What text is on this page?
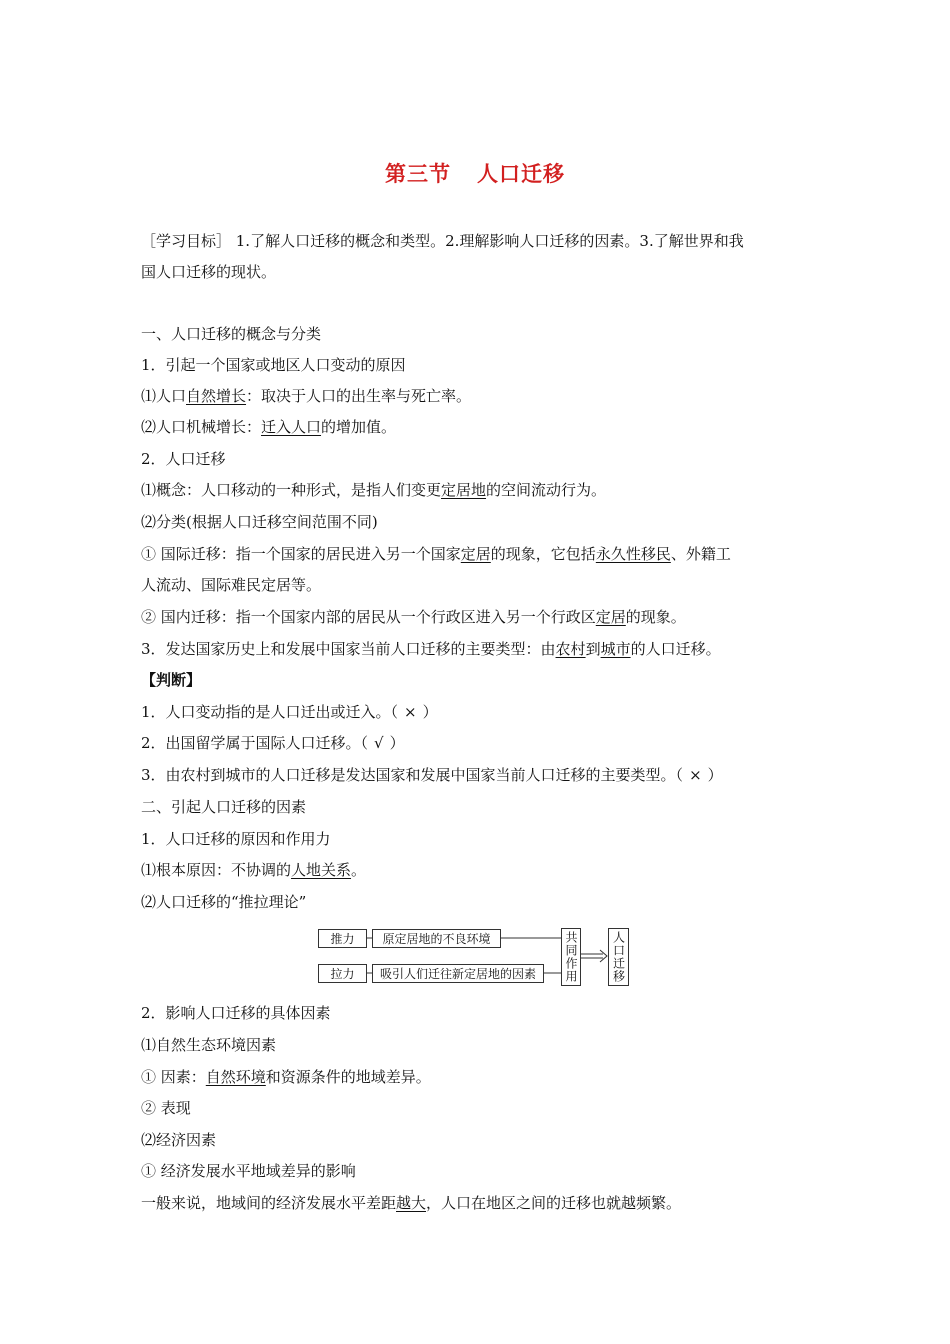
第三节 人口迁移
［学习目标］ 1.了解人口迁移的概念和类型。2.理解影响人口迁移的因素。3.了解世界和我
国人口迁移的现状。
一、人口迁移的概念与分类
1．引起一个国家或地区人口变动的原因
⑴人口自然增长：取决于人口的出生率与死亡率。
⑵人口机械增长：迁入人口的增加值。
2．人口迁移
⑴概念：人口移动的一种形式，是指人们变更定居地的空间流动行为。
⑵分类(根据人口迁移空间范围不同)
① 国际迁移：指一个国家的居民进入另一个国家定居的现象，它包括永久性移民、外籍工
人流动、国际难民定居等。
② 国内迁移：指一个国家内部的居民从一个行政区进入另一个行政区定居的现象。
3．发达国家历史上和发展中国家当前人口迁移的主要类型：由农村到城市的人口迁移。
【判断】
1．人口变动指的是人口迁出或迁入。（ × ）
2．出国留学属于国际人口迁移。（ √ ）
3．由农村到城市的人口迁移是发达国家和发展中国家当前人口迁移的主要类型。（ × ）
二、引起人口迁移的因素
1．人口迁移的原因和作用力
⑴根本原因：不协调的人地关系。
⑵人口迁移的“推拉理论”
推力	原定居地的不良环境
拉力	吸引人们迁往新定居地的因素	共同作用	人口迁移
2．影响人口迁移的具体因素
⑴自然生态环境因素
① 因素：自然环境和资源条件的地域差异。
② 表现
⑵经济因素
① 经济发展水平地域差异的影响
一般来说，地域间的经济发展水平差距越大，人口在地区之间的迁移也就越频繁。
